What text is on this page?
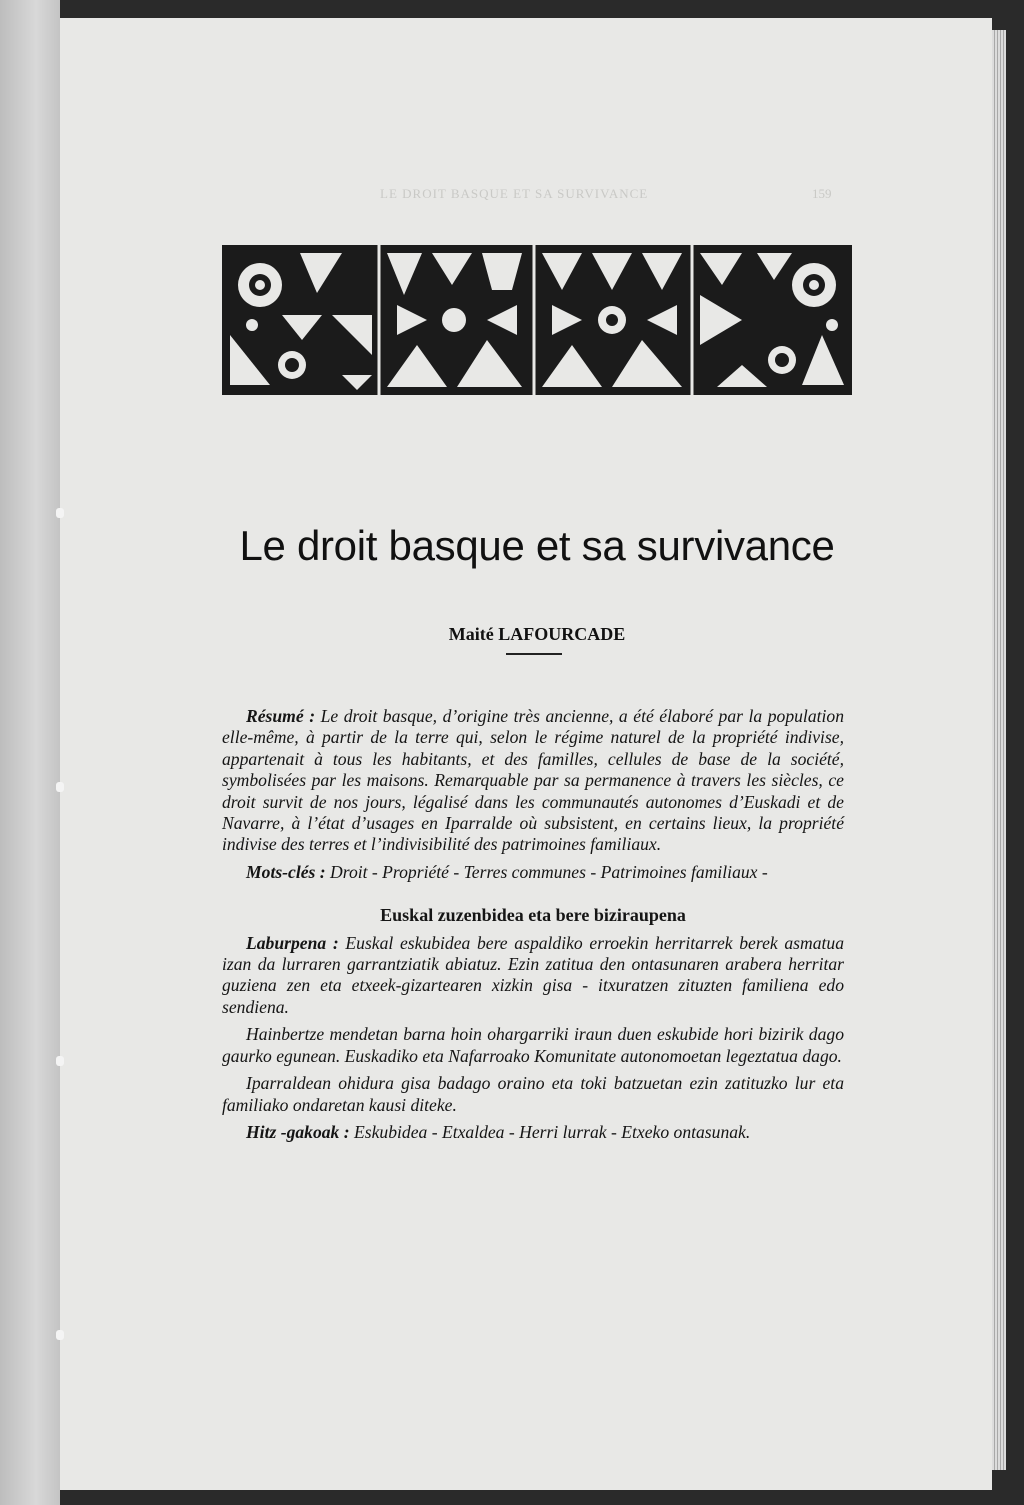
LE DROIT BASQUE ET SA SURVIVANCE	159
Le droit basque et sa survivance
Maité LAFOURCADE

Résumé : Le droit basque, d’origine très ancienne, a été élaboré par la population elle-même, à partir de la terre qui, selon le régime naturel de la propriété indivise, appartenait à tous les habitants, et des familles, cellules de base de la société, symbolisées par les maisons. Remarquable par sa permanence à travers les siècles, ce droit survit de nos jours, légalisé dans les communautés autonomes d’Euskadi et de Navarre, à l’état d’usages en Iparralde où subsistent, en certains lieux, la propriété indivise des terres et l’indivisibilité des patrimoines familiaux.

Mots-clés : Droit - Propriété - Terres communes - Patrimoines familiaux -

Euskal zuzenbidea eta bere biziraupena

Laburpena : Euskal eskubidea bere aspaldiko erroekin herritarrek berek asmatua izan da lurraren garrantziatik abiatuz. Ezin zatitua den ontasunaren arabera herritar guziena zen eta etxeek-gizartearen xizkin gisa - itxuratzen zituzten familiena edo sendiena.

Hainbertze mendetan barna hoin ohargarriki iraun duen eskubide hori bizirik dago gaurko egunean. Euskadiko eta Nafarroako Komunitate autonomoetan legeztatua dago.

Iparraldean ohidura gisa badago oraino eta toki batzuetan ezin zatituzko lur eta familiako ondaretan kausi diteke.

Hitz -gakoak : Eskubidea - Etxaldea - Herri lurrak - Etxeko ontasunak.
